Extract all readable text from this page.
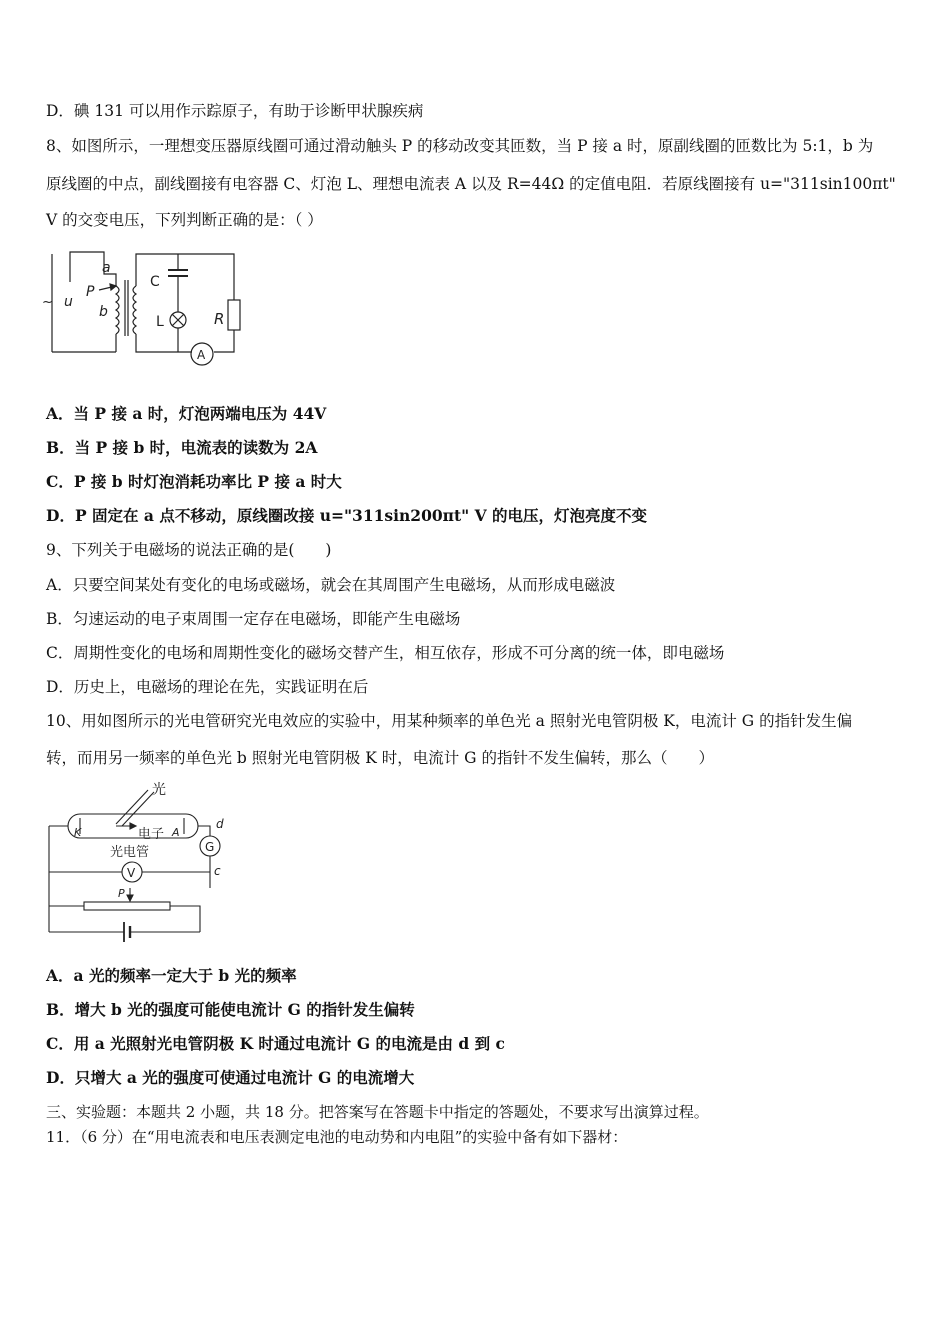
D．碘 131 可以用作示踪原子，有助于诊断甲状腺疾病
8、如图所示，一理想变压器原线圈可通过滑动触头 P 的移动改变其匝数，当 P 接 a 时，原副线圈的匝数比为 5:1，b 为
原线圈的中点，副线圈接有电容器 C、灯泡 L、理想电流表 A 以及 R=44Ω 的定值电阻．若原线圈接有 u="311sin100πt"
V 的交变电压，下列判断正确的是：（ ）
~ u
a
P
b
C
L	R
A
A．当 P 接 a 时，灯泡两端电压为 44V
B．当 P 接 b 时，电流表的读数为 2A
C．P 接 b 时灯泡消耗功率比 P 接 a 时大
D．P 固定在 a 点不移动，原线圈改接 u="311sin200πt" V 的电压，灯泡亮度不变
9、下列关于电磁场的说法正确的是(　　)
A．只要空间某处有变化的电场或磁场，就会在其周围产生电磁场，从而形成电磁波
B．匀速运动的电子束周围一定存在电磁场，即能产生电磁场
C．周期性变化的电场和周期性变化的磁场交替产生，相互依存，形成不可分离的统一体，即电磁场
D．历史上，电磁场的理论在先，实践证明在后
10、用如图所示的光电管研究光电效应的实验中，用某种频率的单色光 a 照射光电管阴极 K，电流计 G 的指针发生偏
转，而用另一频率的单色光 b 照射光电管阴极 K 时，电流计 G 的指针不发生偏转，那么（　　）
光
K	A
电子
光电管	G
d
c
V
P
A．a 光的频率一定大于 b 光的频率
B．增大 b 光的强度可能使电流计 G 的指针发生偏转
C．用 a 光照射光电管阴极 K 时通过电流计 G 的电流是由 d 到 c
D．只增大 a 光的强度可使通过电流计 G 的电流增大
三、实验题：本题共 2 小题，共 18 分。把答案写在答题卡中指定的答题处，不要求写出演算过程。
11．（6 分）在“用电流表和电压表测定电池的电动势和内电阻”的实验中备有如下器材：
